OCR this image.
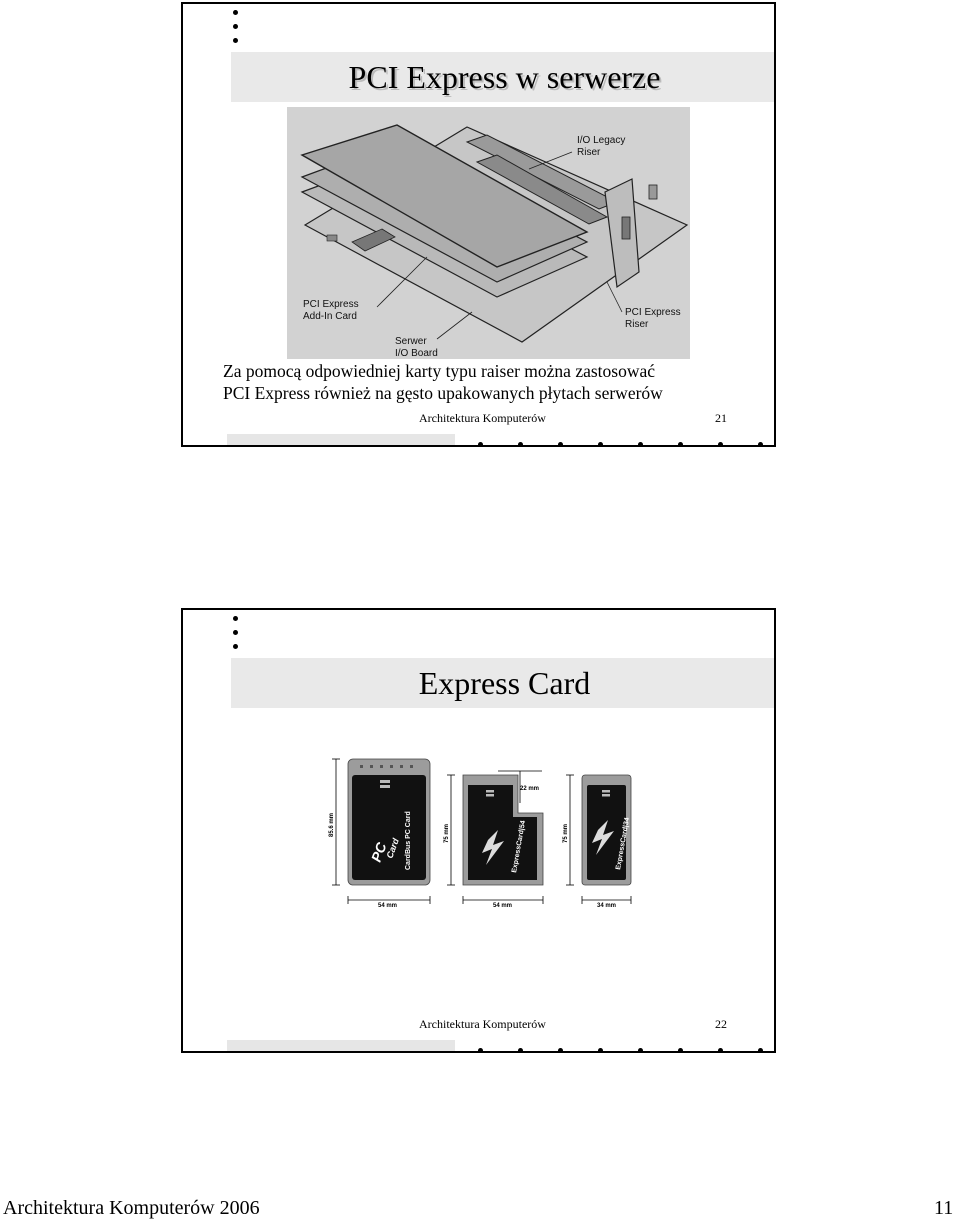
PCI Express w serwerze
I/O Legacy
Riser
PCI Express
Add-In Card	PCI Express
Riser
Serwer
I/O Board
Za pomocą odpowiedniej karty typu raiser można zastosować
PCI Express również na gęsto upakowanych płytach serwerów
Architektura Komputerów	21
Express Card
85.6 mm
54 mm
PC
Card CardBus PC Card	75 mm
22 mm
54 mm
ExpressCard|54	75 mm
34 mm
ExpressCard|34
Architektura Komputerów	22
Architektura Komputerów 2006	11
